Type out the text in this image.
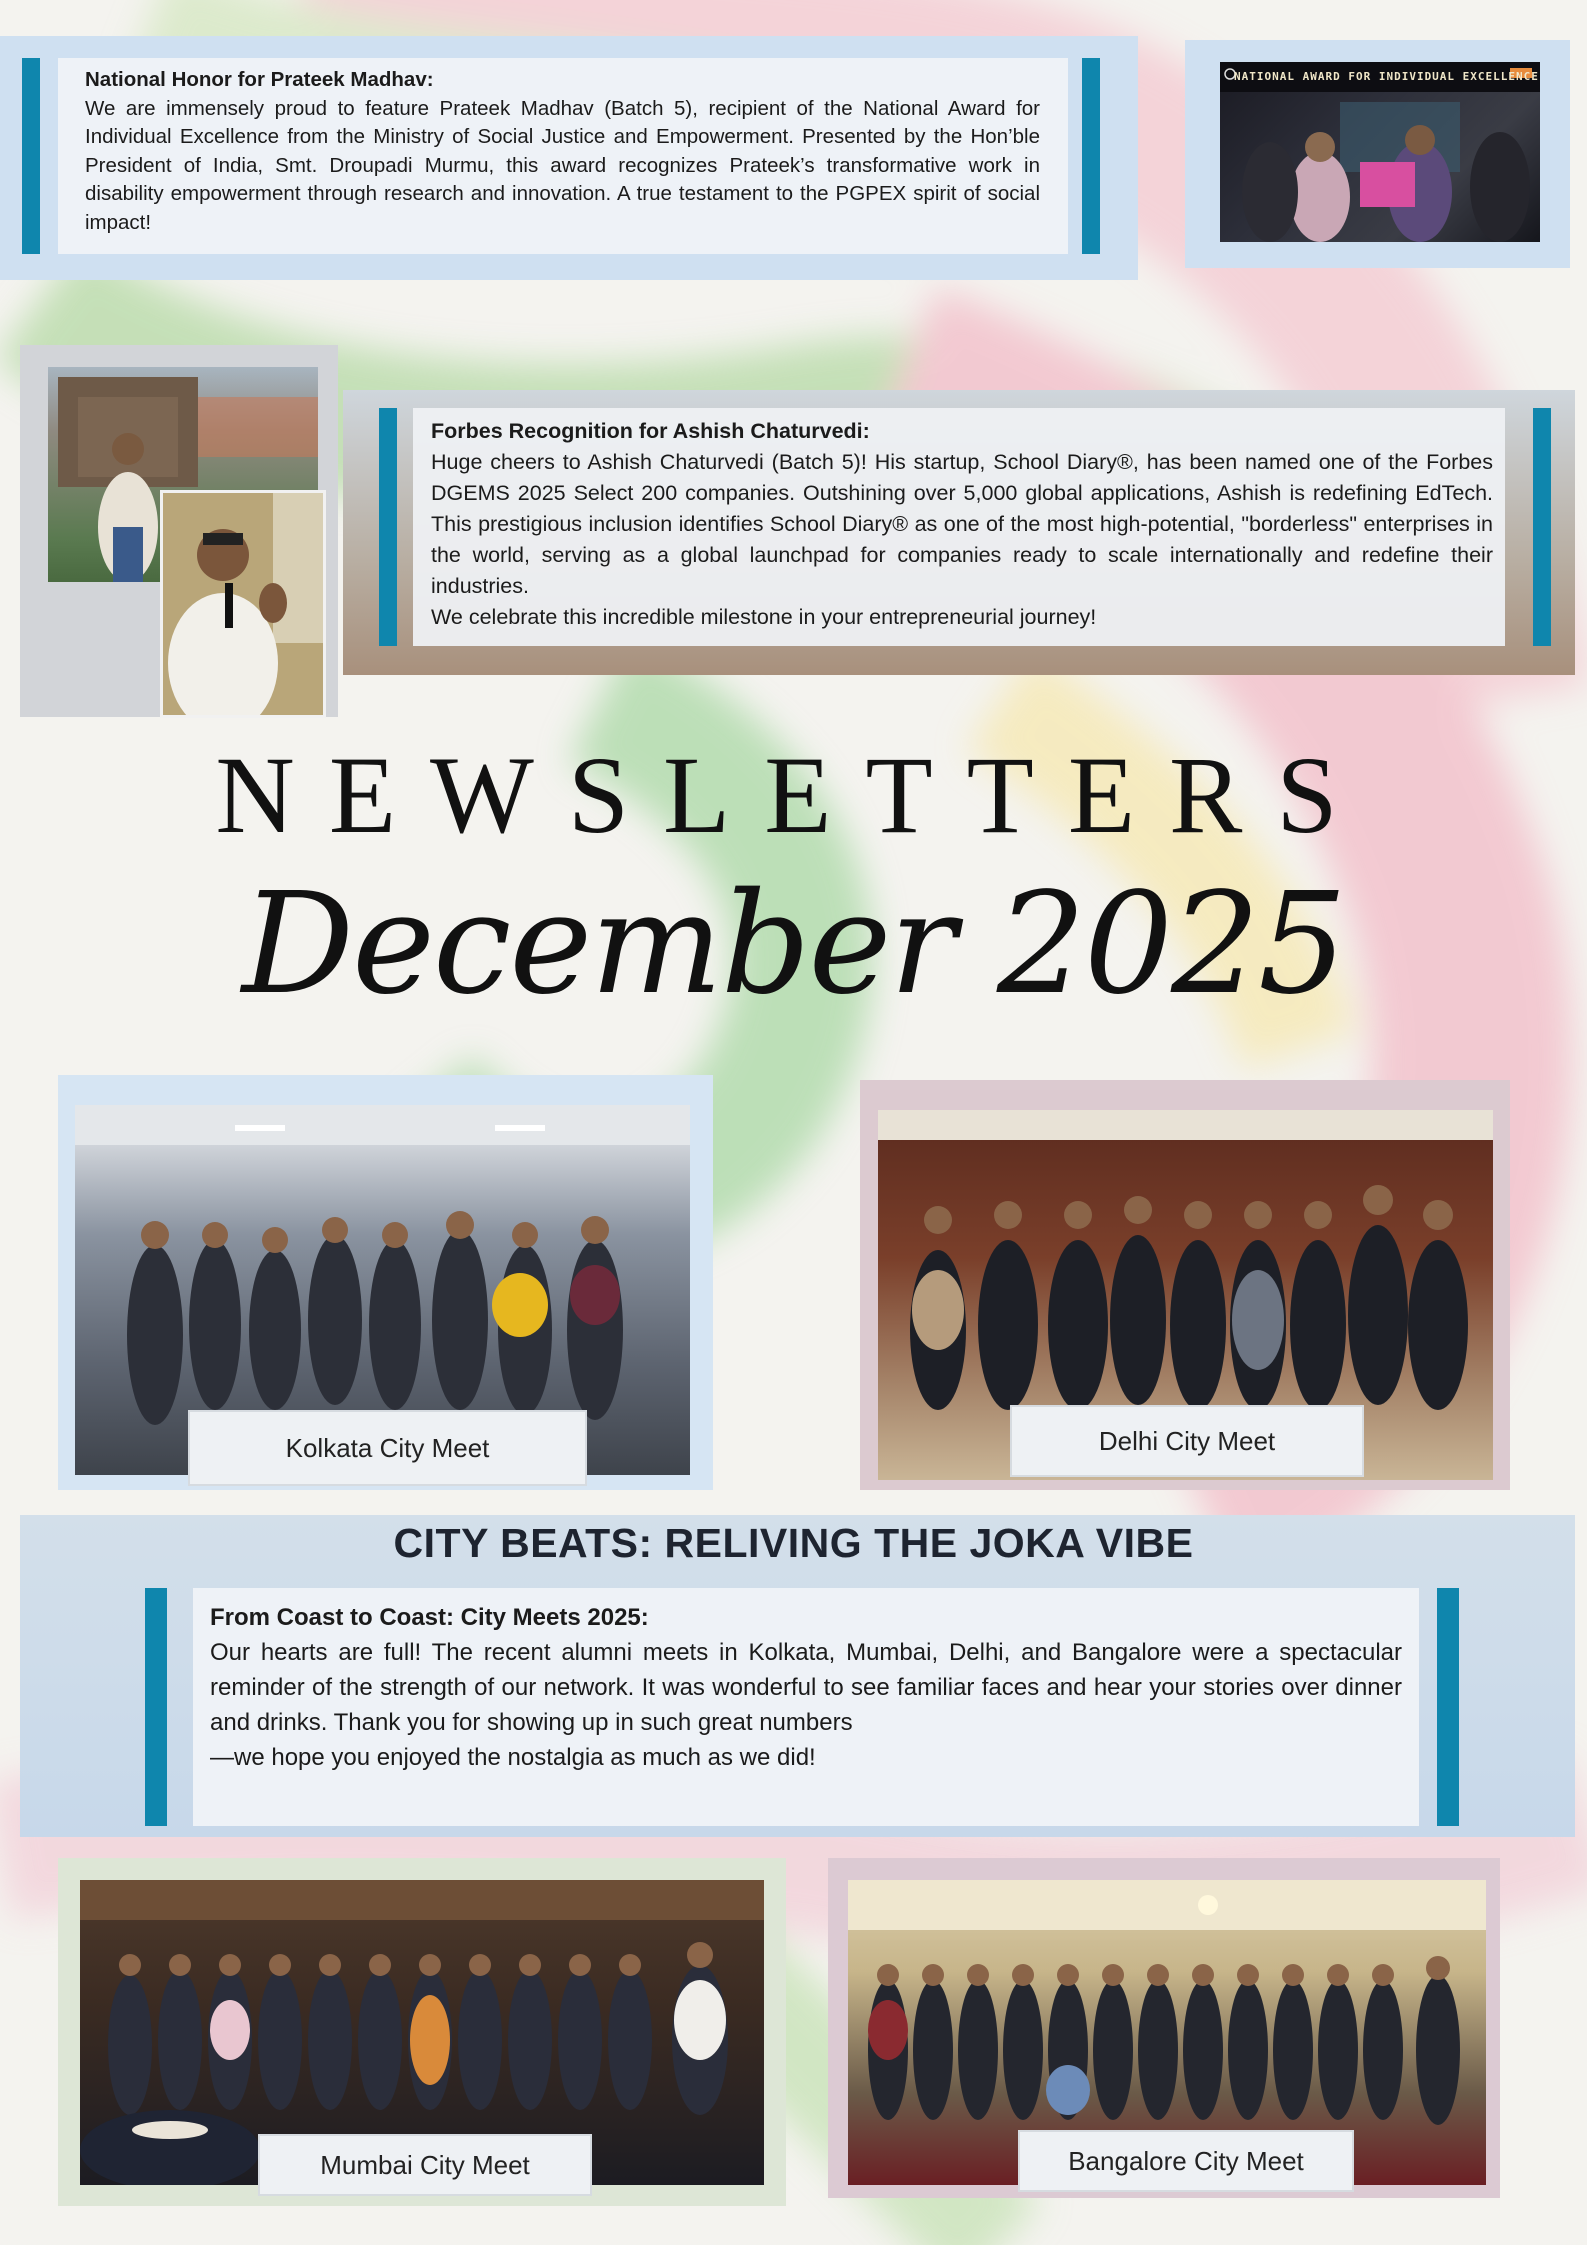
National Honor for Prateek Madhav:
We are immensely proud to feature Prateek Madhav (Batch 5), recipient of the National Award for Individual Excellence from the Ministry of Social Justice and Empowerment. Presented by the Hon’ble President of India, Smt. Droupadi Murmu, this award recognizes Prateek’s transformative work in disability empowerment through research and innovation. A true testament to the PGPEX spirit of social impact!
NATIONAL AWARD FOR INDIVIDUAL EXCELLENCE
Forbes Recognition for Ashish Chaturvedi:
Huge cheers to Ashish Chaturvedi (Batch 5)! His startup, School Diary®, has been named one of the Forbes DGEMS 2025 Select 200 companies. Outshining over 5,000 global applications, Ashish is redefining EdTech. This prestigious inclusion identifies School Diary® as one of the most high-potential, "borderless" enterprises in the world, serving as a global launchpad for companies ready to scale internationally and redefine their industries.
We celebrate this incredible milestone in your entrepreneurial journey!
NEWSLETTERS
December 2025
Kolkata City Meet	Delhi City Meet
CITY BEATS: RELIVING THE JOKA VIBE
From Coast to Coast: City Meets 2025:
Our hearts are full! The recent alumni meets in Kolkata, Mumbai, Delhi, and Bangalore were a spectacular reminder of the strength of our network. It was wonderful to see familiar faces and hear your stories over dinner and drinks. Thank you for showing up in such great numbers
—we hope you enjoyed the nostalgia as much as we did!
Mumbai City Meet	Bangalore City Meet
